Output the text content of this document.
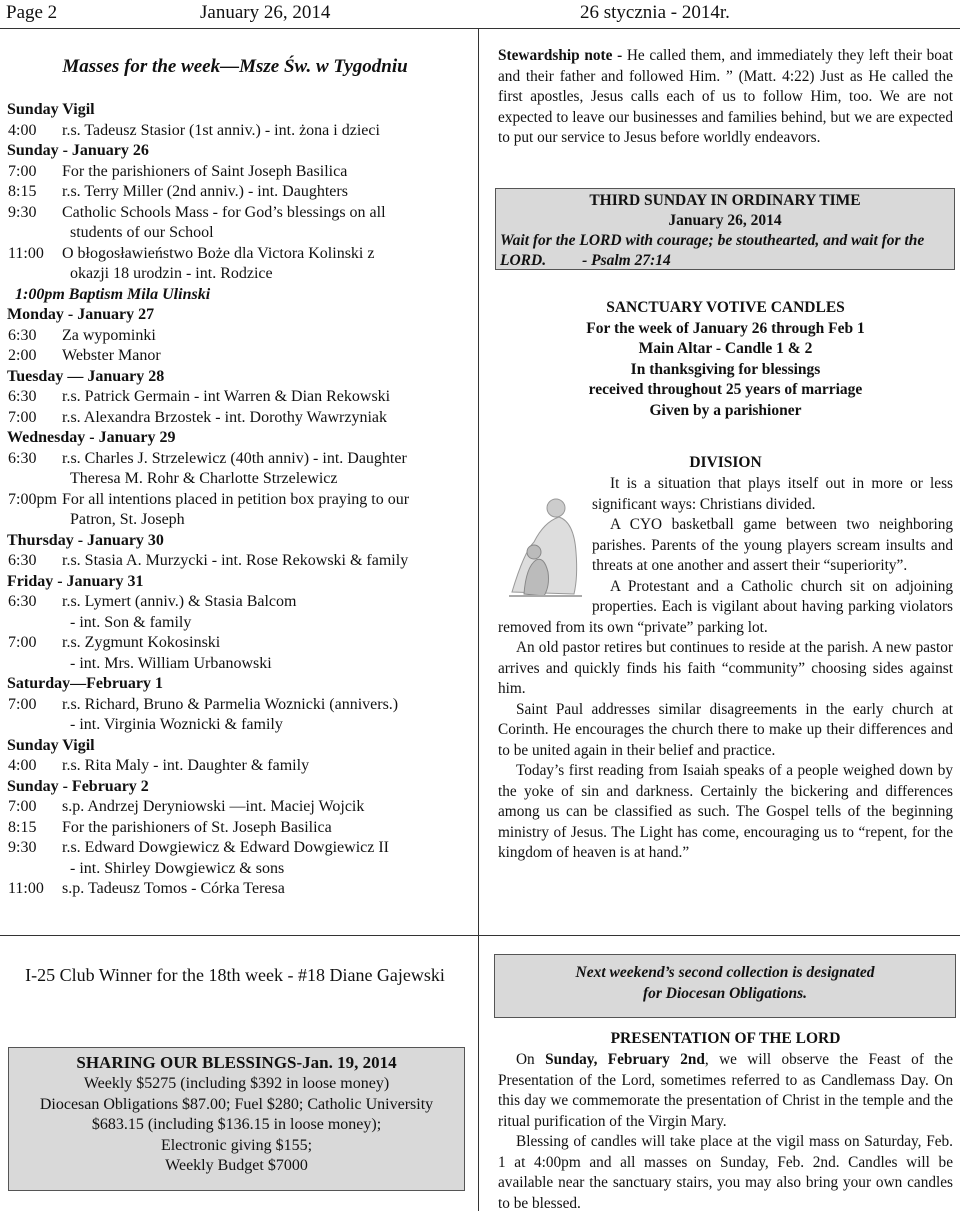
Page 2	January 26, 2014	26 stycznia - 2014r.
Masses for the week—Msze Św. w Tygodniu
Sunday Vigil
4:00	r.s. Tadeusz Stasior (1st anniv.) - int. żona i dzieci
Sunday - January 26
7:00	For the parishioners of Saint Joseph Basilica
8:15	r.s. Terry Miller (2nd anniv.) - int. Daughters
9:30	Catholic Schools Mass - for God’s blessings on all
students of our School
11:00	O błogosławieństwo Boże dla Victora Kolinski z
okazji 18 urodzin - int. Rodzice
1:00pm Baptism Mila Ulinski
Monday - January 27
6:30	Za wypominki
2:00	Webster Manor
Tuesday — January 28
6:30	r.s. Patrick Germain - int Warren & Dian Rekowski
7:00	r.s. Alexandra Brzostek - int. Dorothy Wawrzyniak
Wednesday - January 29
6:30	r.s. Charles J. Strzelewicz (40th anniv) - int. Daughter
Theresa M. Rohr & Charlotte Strzelewicz
7:00pm For all intentions placed in petition box praying to our
Patron, St. Joseph
Thursday - January 30
6:30	r.s. Stasia A. Murzycki - int. Rose Rekowski & family
Friday - January 31
6:30	r.s. Lymert (anniv.) & Stasia Balcom
- int. Son & family
7:00	r.s. Zygmunt Kokosinski
- int. Mrs. William Urbanowski
Saturday—February 1
7:00	r.s. Richard, Bruno & Parmelia Woznicki (annivers.)
- int. Virginia Woznicki & family
Sunday Vigil
4:00	r.s. Rita Maly - int. Daughter & family
Sunday - February 2
7:00	s.p. Andrzej Deryniowski —int. Maciej Wojcik
8:15	For the parishioners of St. Joseph Basilica
9:30	r.s. Edward Dowgiewicz & Edward Dowgiewicz II
- int. Shirley Dowgiewicz & sons
11:00	s.p. Tadeusz Tomos - Córka Teresa
Stewardship note - He called them, and immediately they left their boat and their father and followed Him. ” (Matt. 4:22) Just as He called the first apostles, Jesus calls each of us to follow Him, too. We are not expected to leave our businesses and families behind, but we are expected to put our service to Jesus before worldly endeavors.
THIRD SUNDAY IN ORDINARY TIME
January 26, 2014
Wait for the LORD with courage; be stouthearted, and wait for the LORD. - Psalm 27:14
SANCTUARY VOTIVE CANDLES
For the week of January 26 through Feb 1
Main Altar - Candle 1 & 2
In thanksgiving for blessings
received throughout 25 years of marriage
Given by a parishioner
DIVISION

It is a situation that plays itself out in more or less significant ways: Christians divided.

A CYO basketball game between two neighboring parishes. Parents of the young players scream insults and threats at one another and assert their “superiority”.

A Protestant and a Catholic church sit on adjoining properties. Each is vigilant about having parking violators removed from its own “private” parking lot.

An old pastor retires but continues to reside at the parish. A new pastor arrives and quickly finds his faith “community” choosing sides against him.

Saint Paul addresses similar disagreements in the early church at Corinth. He encourages the church there to make up their differences and to be united again in their belief and practice.

Today’s first reading from Isaiah speaks of a people weighed down by the yoke of sin and darkness. Certainly the bickering and differences among us can be classified as such. The Gospel tells of the beginning ministry of Jesus. The Light has come, encouraging us to “repent, for the kingdom of heaven is at hand.”

I-25 Club Winner for the 18th week - #18 Diane Gajewski
SHARING OUR BLESSINGS-Jan. 19, 2014
Weekly $5275 (including $392 in loose money)
Diocesan Obligations $87.00; Fuel $280; Catholic University
$683.15 (including $136.15 in loose money);
Electronic giving $155;
Weekly Budget $7000
Next weekend’s second collection is designated
for Diocesan Obligations.
PRESENTATION OF THE LORD

On Sunday, February 2nd, we will observe the Feast of the Presentation of the Lord, sometimes referred to as Candlemass Day. On this day we commemorate the presentation of Christ in the temple and the ritual purification of the Virgin Mary.

Blessing of candles will take place at the vigil mass on Saturday, Feb. 1 at 4:00pm and all masses on Sunday, Feb. 2nd. Candles will be available near the sanctuary stairs, you may also bring your own candles to be blessed.
